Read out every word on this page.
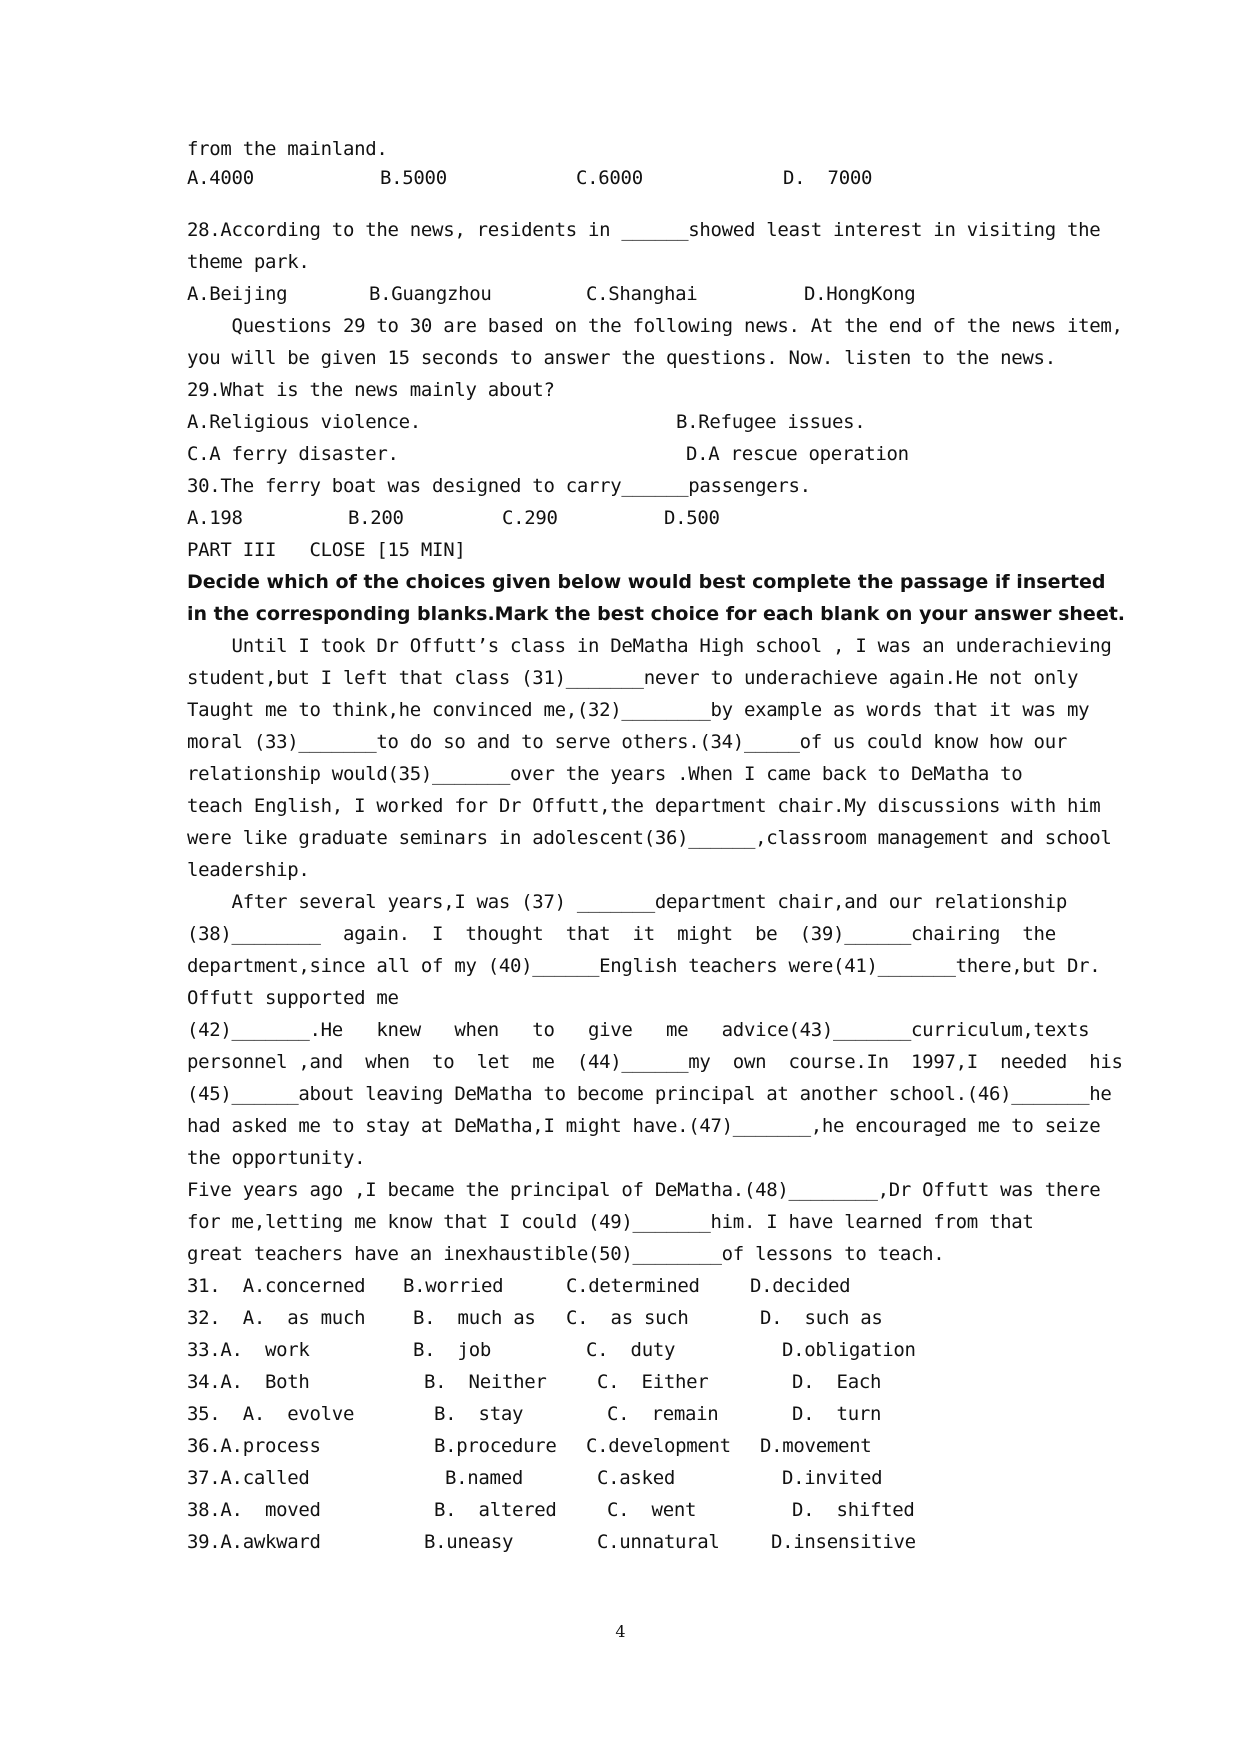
from the mainland.
A.4000	B.5000	C.6000	D.  7000
28.According to the news, residents in ______showed least interest in visiting the
theme park.
A.Beijing	B.Guangzhou	C.Shanghai	D.HongKong
Questions 29 to 30 are based on the following news. At the end of the news item,
you will be given 15 seconds to answer the questions. Now. listen to the news.
29.What is the news mainly about?
A.Religious violence.	B.Refugee issues.
C.A ferry disaster.	D.A rescue operation
30.The ferry boat was designed to carry______passengers.
A.198	B.200	C.290	D.500
PART III   CLOSE [15 MIN]
Decide which of the choices given below would best complete the passage if inserted
in the corresponding blanks.Mark the best choice for each blank on your answer sheet.
Until I took Dr Offutt’s class in DeMatha High school , I was an underachieving
student,but I left that class (31)_______never to underachieve again.He not only
Taught me to think,he convinced me,(32)________by example as words that it was my
moral (33)_______to do so and to serve others.(34)_____of us could know how our
relationship would(35)_______over the years .When I came back to DeMatha to
teach English, I worked for Dr Offutt,the department chair.My discussions with him
were like graduate seminars in adolescent(36)______,classroom management and school
leadership.
After several years,I was (37) _______department chair,and our relationship
(38)________  again.  I  thought  that  it  might  be  (39)______chairing  the
department,since all of my (40)______English teachers were(41)_______there,but Dr.
Offutt supported me
(42)_______.He   knew   when   to   give   me   advice(43)_______curriculum,texts
personnel ,and  when  to  let  me  (44)______my  own  course.In  1997,I  needed  his
(45)______about leaving DeMatha to become principal at another school.(46)_______he
had asked me to stay at DeMatha,I might have.(47)_______,he encouraged me to seize
the opportunity.
Five years ago ,I became the principal of DeMatha.(48)________,Dr Offutt was there
for me,letting me know that I could (49)_______him. I have learned from that
great teachers have an inexhaustible(50)________of lessons to teach.
31.  A.concerned B.worried	C.determined	D.decided
32.  A.  as much	B.  much as C.  as such	D.  such as
33.A.  work	B.  job	C.  duty	D.obligation
34.A.  Both	B.  Neither	C.  Either	D.  Each
35.  A.  evolve	B.  stay	C.  remain	D.  turn
36.A.process	B.procedure C.development D.movement
37.A.called	B.named	C.asked	D.invited
38.A.  moved	B.  altered	C.  went	D.  shifted
39.A.awkward	B.uneasy	C.unnatural	D.insensitive
4
